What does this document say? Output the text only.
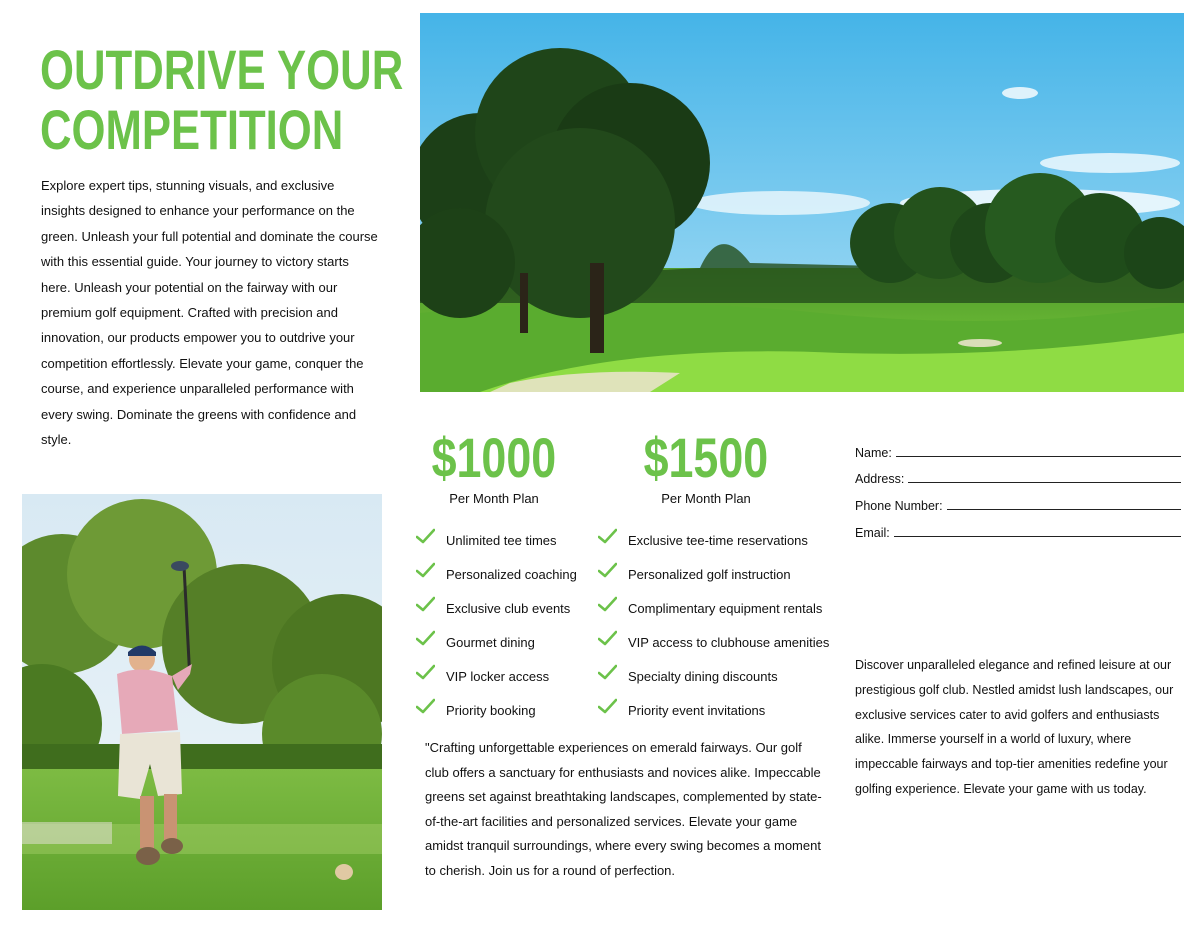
OUTDRIVE YOUR
COMPETITION

Explore expert tips, stunning visuals, and exclusive insights designed to enhance your performance on the green. Unleash your full potential and dominate the course with this essential guide. Your journey to victory starts here. Unleash your potential on the fairway with our premium golf equipment. Crafted with precision and innovation, our products empower you to outdrive your competition effortlessly. Elevate your game, conquer the course, and experience unparalleled performance with every swing. Dominate the greens with confidence and style.	$1000
Per Month Plan
$1500
Per Month Plan
Unlimited tee times
Personalized coaching
Exclusive club events
Gourmet dining
VIP locker access
Priority booking
Exclusive tee-time reservations
Personalized golf instruction
Complimentary equipment rentals
VIP access to clubhouse amenities
Specialty dining discounts
Priority event invitations

"Crafting unforgettable experiences on emerald fairways. Our golf club offers a sanctuary for enthusiasts and novices alike. Impeccable greens set against breathtaking landscapes, complemented by state-of-the-art facilities and personalized services. Elevate your game amidst tranquil surroundings, where every swing becomes a moment to cherish. Join us for a round of perfection.

Name:
Address:
Phone Number:
Email:

Discover unparalleled elegance and refined leisure at our prestigious golf club. Nestled amidst lush landscapes, our exclusive services cater to avid golfers and enthusiasts alike. Immerse yourself in a world of luxury, where impeccable fairways and top-tier amenities redefine your golfing experience. Elevate your game with us today.
